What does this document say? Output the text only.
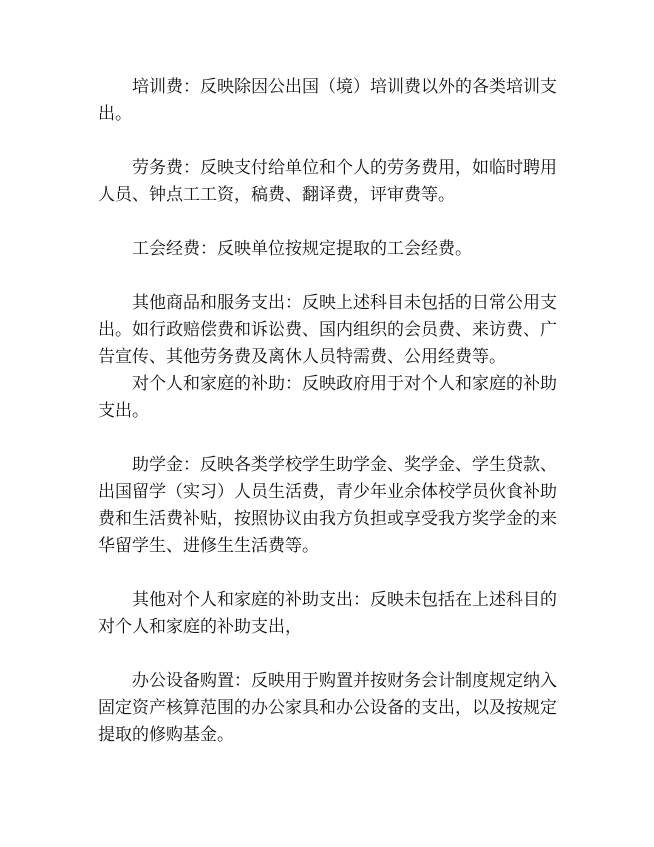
培训费：反映除因公出国（境）培训费以外的各类培训支出。

劳务费：反映支付给单位和个人的劳务费用，如临时聘用人员、钟点工工资，稿费、翻译费，评审费等。

工会经费：反映单位按规定提取的工会经费。

其他商品和服务支出：反映上述科目未包括的日常公用支出。如行政赔偿费和诉讼费、国内组织的会员费、来访费、广告宣传、其他劳务费及离休人员特需费、公用经费等。

对个人和家庭的补助：反映政府用于对个人和家庭的补助支出。

助学金：反映各类学校学生助学金、奖学金、学生贷款、出国留学（实习）人员生活费，青少年业余体校学员伙食补助费和生活费补贴，按照协议由我方负担或享受我方奖学金的来华留学生、进修生生活费等。

其他对个人和家庭的补助支出：反映未包括在上述科目的对个人和家庭的补助支出，

办公设备购置：反映用于购置并按财务会计制度规定纳入固定资产核算范围的办公家具和办公设备的支出，以及按规定提取的修购基金。
